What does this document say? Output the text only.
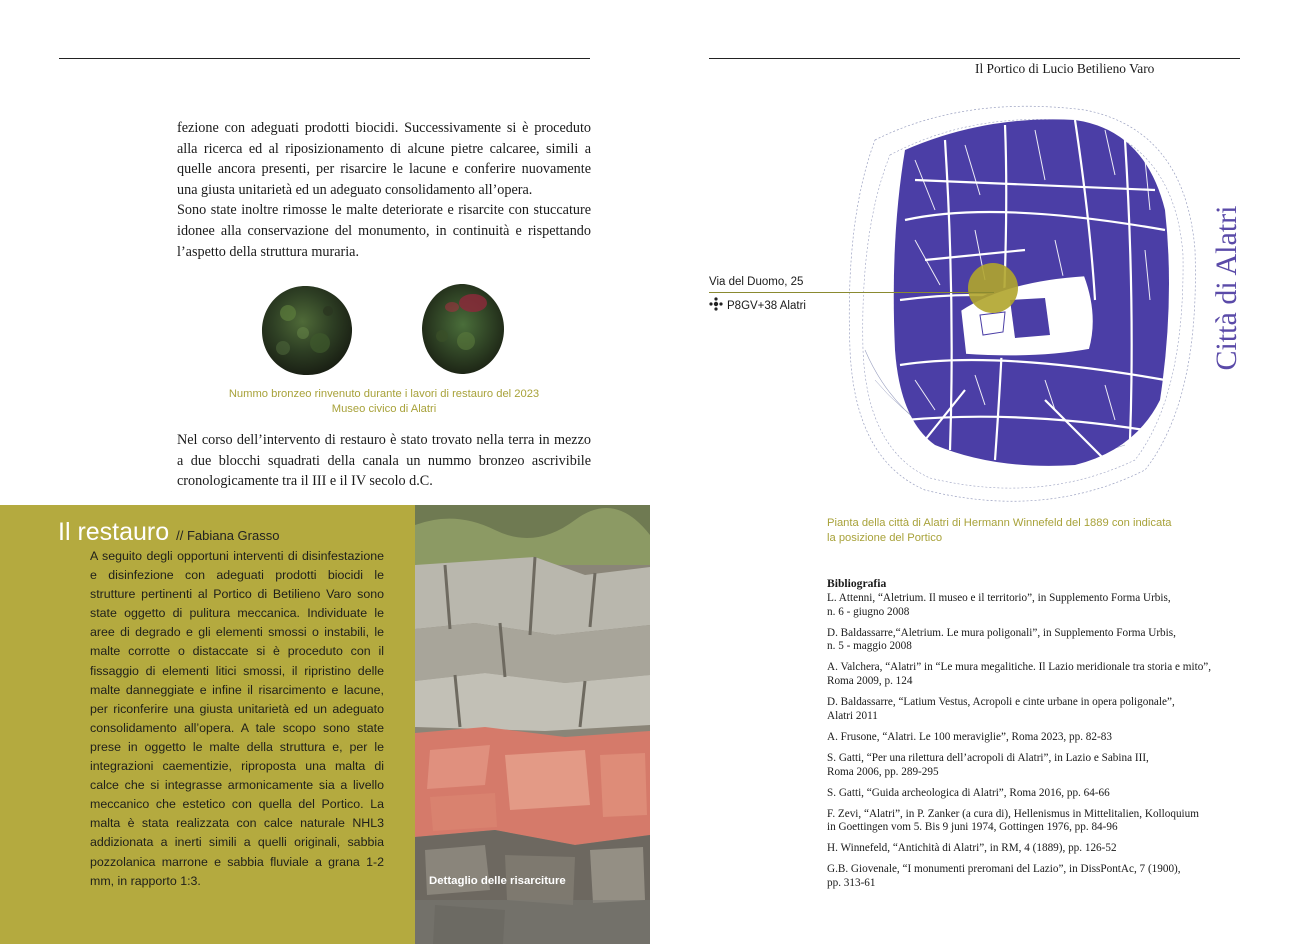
fezione con adeguati prodotti biocidi. Successivamente si è proceduto alla ricerca ed al riposizionamento di alcune pietre calcaree, simili a quelle ancora presenti, per risarcire le lacune e conferire nuovamente una giusta unitarietà ed un adeguato consolidamento all’opera.

Sono state inoltre rimosse le malte deteriorate e risarcite con stuccature idonee alla conservazione del monumento, in continuità e rispettando l’aspetto della struttura muraria.

Nummo bronzeo rinvenuto durante i lavori di restauro del 2023
Museo civico di Alatri

Nel corso dell’intervento di restauro è stato trovato nella terra in mezzo a due blocchi squadrati della canala un nummo bronzeo ascrivibile cronologicamente tra il III e il IV secolo d.C.

Il restauro // Fabiana Grasso

A seguito degli opportuni interventi di disinfestazione e disinfezione con adeguati prodotti biocidi le strutture pertinenti al Portico di Betilieno Varo sono state oggetto di pulitura meccanica. Individuate le aree di degrado e gli elementi smossi o instabili, le malte corrotte o distaccate si è proceduto con il fissaggio di elementi litici smossi, il ripristino delle malte danneggiate e infine il risarcimento e lacune, per riconferire una giusta unitarietà ed un adeguato consolidamento all’opera. A tale scopo sono state prese in oggetto le malte della struttura e, per le integrazioni caementizie, riproposta una malta di calce che si integrasse armonicamente sia a livello meccanico che estetico con quella del Portico. La malta è stata realizzata con calce naturale NHL3 addizionata a inerti simili a quelli originali, sabbia pozzolanica marrone e sabbia fluviale a grana 1-2 mm, in rapporto 1:3.	Dettaglio delle risarciture
Il Portico di Lucio Betilieno Varo
Via del Duomo, 25
P8GV+38 Alatri	Città di Alatri
Pianta della città di Alatri di Hermann Winnefeld del 1889 con indicata
la posizione del Portico
Bibliografia
L. Attenni, “Aletrium. Il museo e il territorio”, in Supplemento Forma Urbis,
n. 6 - giugno 2008
D. Baldassarre,“Aletrium. Le mura poligonali”, in Supplemento Forma Urbis,
n. 5 - maggio 2008
A. Valchera, “Alatri” in “Le mura megalitiche. Il Lazio meridionale tra storia e mito”,
Roma 2009, p. 124
D. Baldassarre, “Latium Vestus, Acropoli e cinte urbane in opera poligonale”,
Alatri 2011
A. Frusone, “Alatri. Le 100 meraviglie”, Roma 2023, pp. 82-83
S. Gatti, “Per una rilettura dell’acropoli di Alatri”, in Lazio e Sabina III,
Roma 2006, pp. 289-295
S. Gatti, “Guida archeologica di Alatri”, Roma 2016, pp. 64-66
F. Zevi, “Alatri”, in P. Zanker (a cura di), Hellenismus in Mittelitalien, Kolloquium
in Goettingen vom 5. Bis 9 juni 1974, Gottingen 1976, pp. 84-96
H. Winnefeld, “Antichità di Alatri”, in RM, 4 (1889), pp. 126-52
G.B. Giovenale, “I monumenti preromani del Lazio”, in DissPontAc, 7 (1900),
pp. 313-61
